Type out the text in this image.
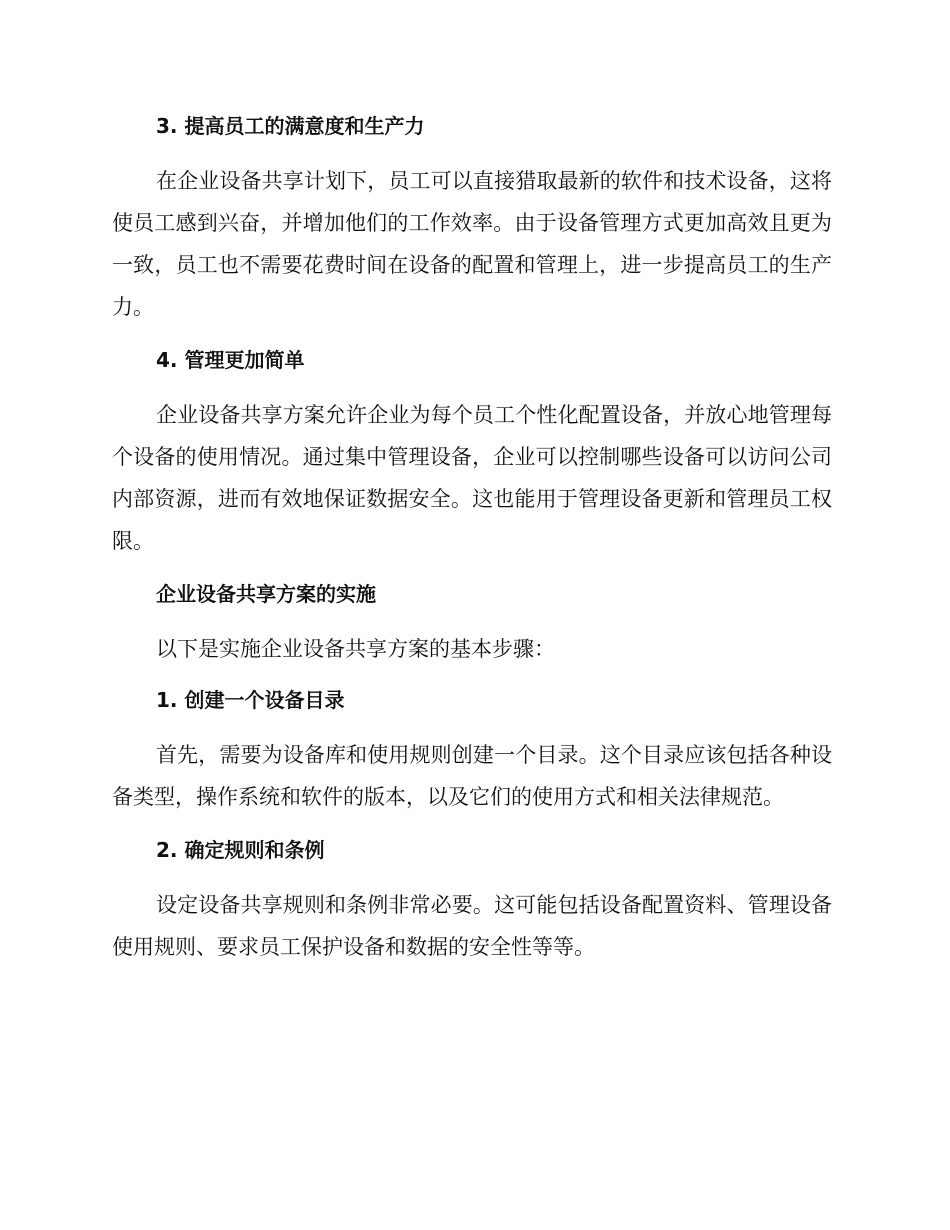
3. 提高员工的满意度和生产力

在企业设备共享计划下，员工可以直接猎取最新的软件和技术设备，这将使员工感到兴奋，并增加他们的工作效率。由于设备管理方式更加高效且更为一致，员工也不需要花费时间在设备的配置和管理上，进一步提高员工的生产力。

4. 管理更加简单

企业设备共享方案允许企业为每个员工个性化配置设备，并放心地管理每个设备的使用情况。通过集中管理设备，企业可以控制哪些设备可以访问公司内部资源，进而有效地保证数据安全。这也能用于管理设备更新和管理员工权限。

企业设备共享方案的实施

以下是实施企业设备共享方案的基本步骤：

1. 创建一个设备目录

首先，需要为设备库和使用规则创建一个目录。这个目录应该包括各种设备类型，操作系统和软件的版本，以及它们的使用方式和相关法律规范。

2. 确定规则和条例

设定设备共享规则和条例非常必要。这可能包括设备配置资料、管理设备使用规则、要求员工保护设备和数据的安全性等等。
